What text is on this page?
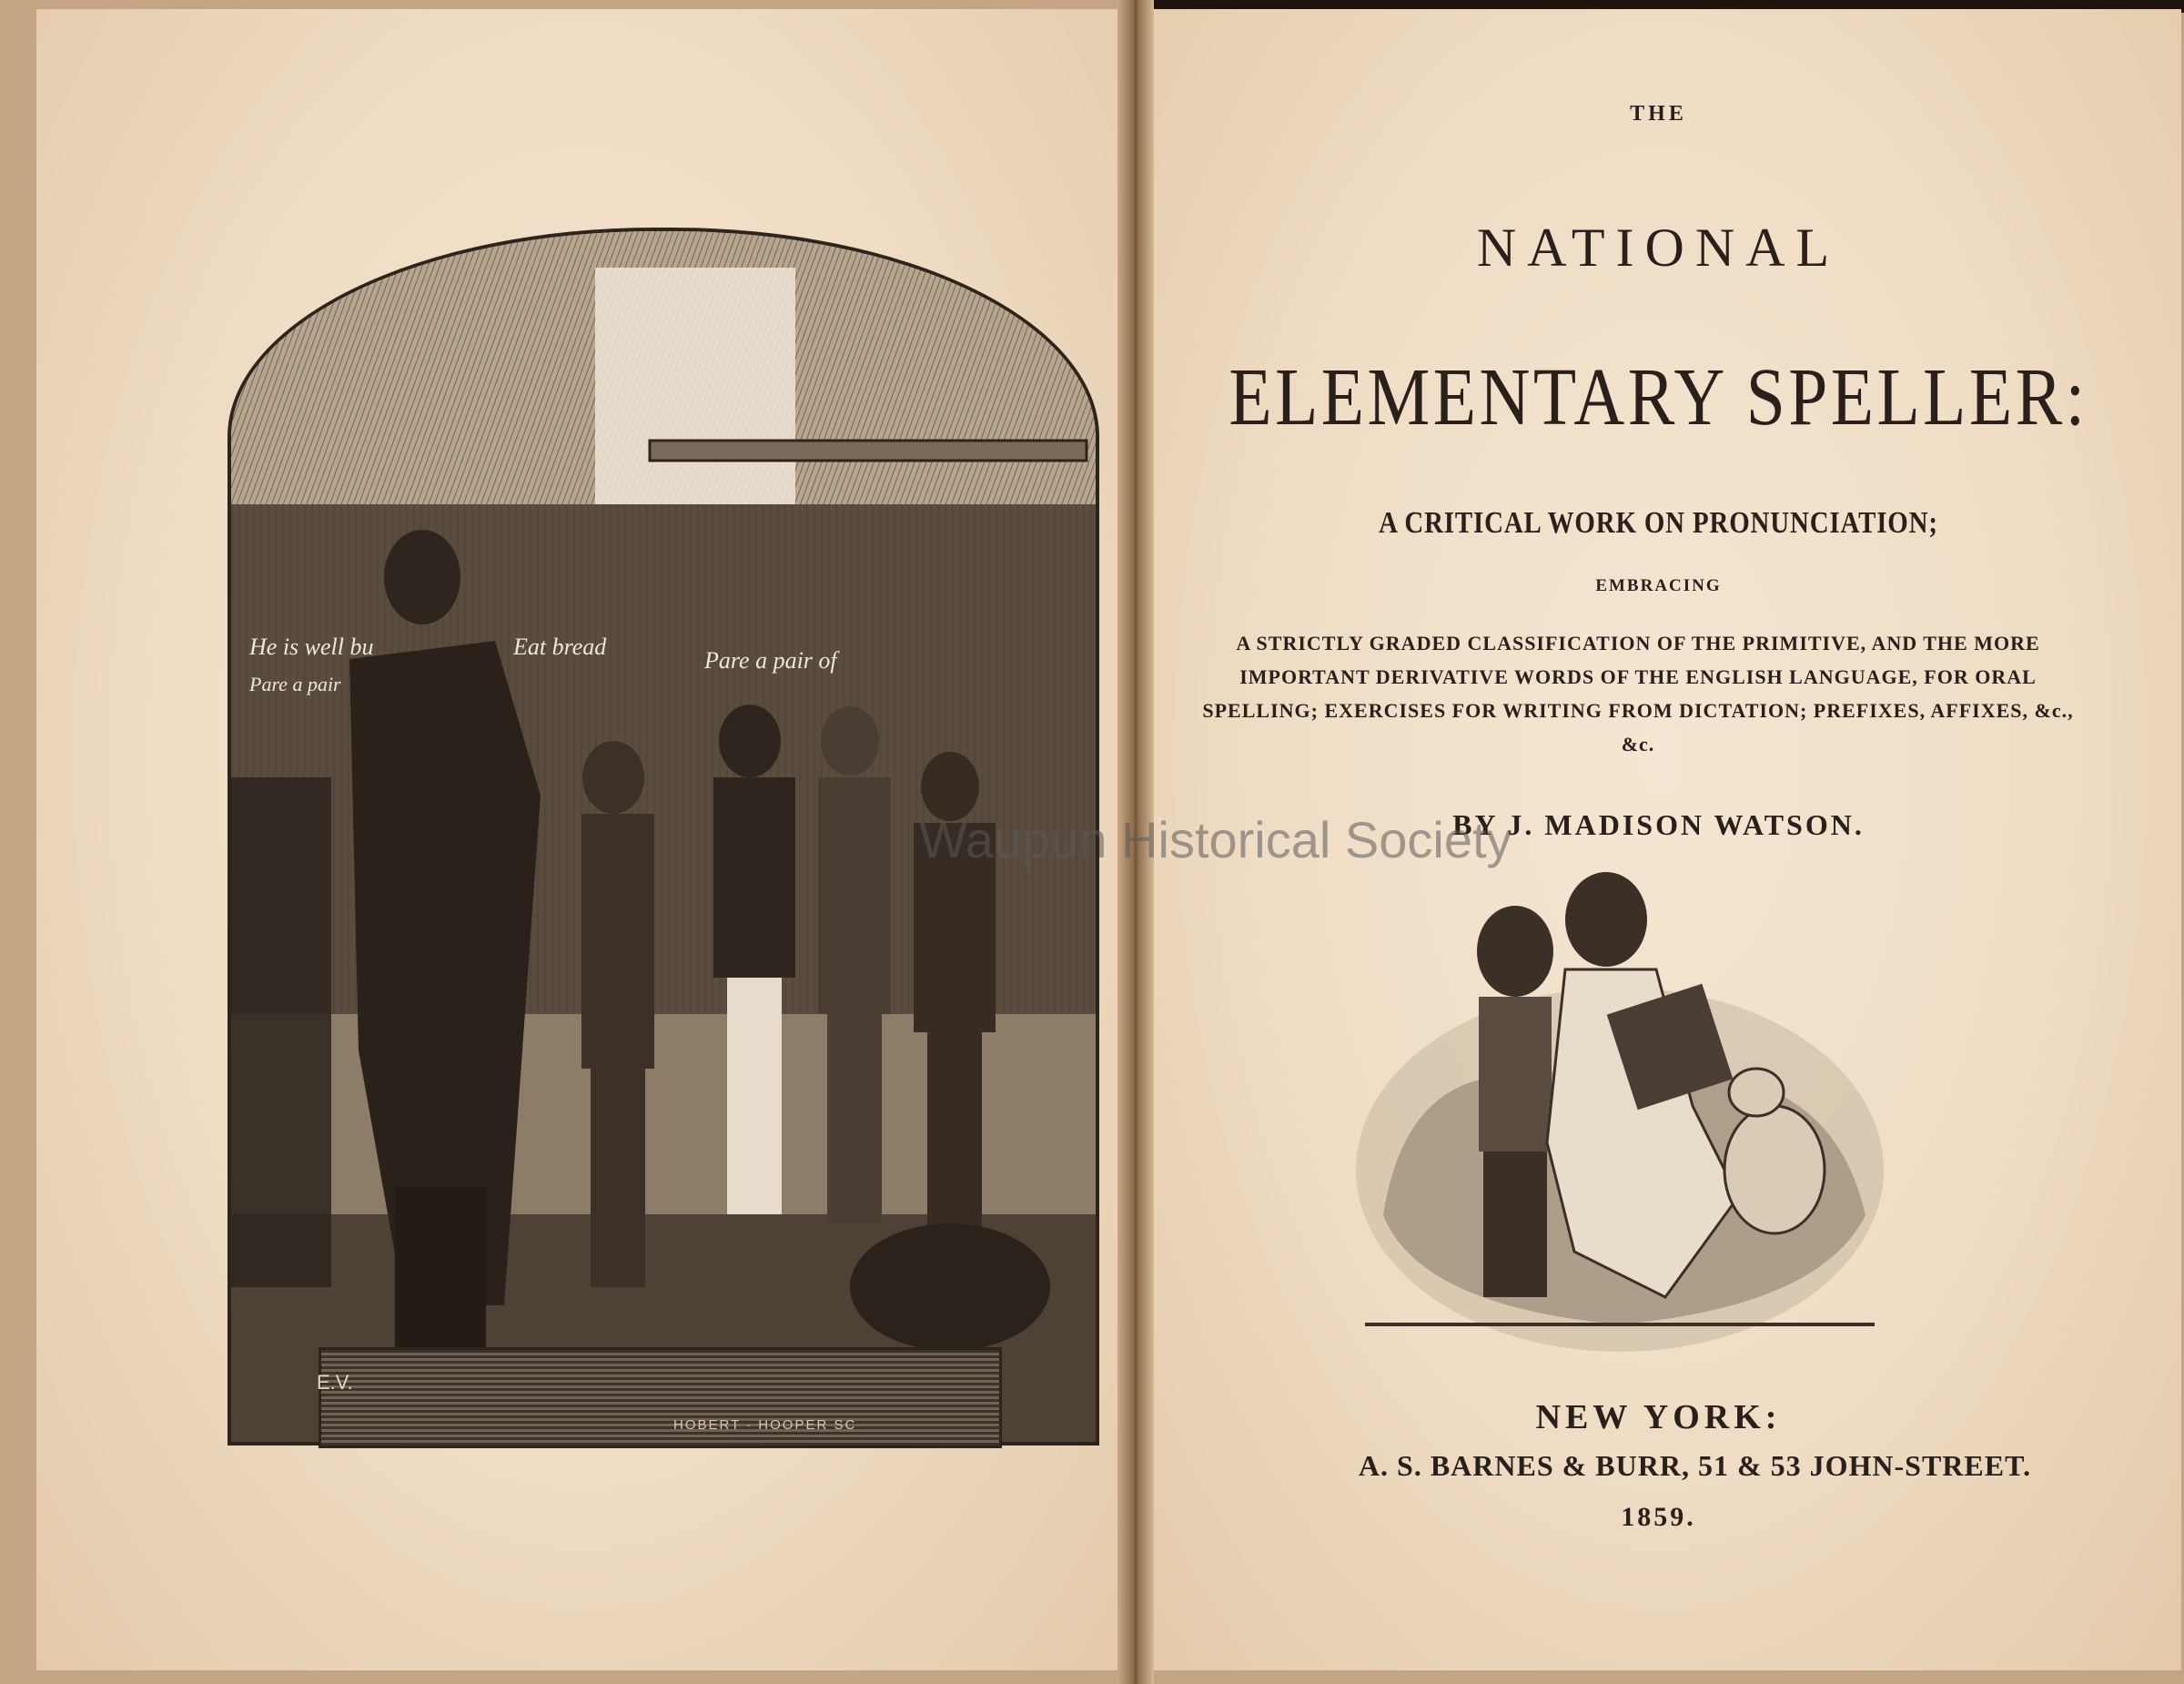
He is well bu
Pare a pair
Eat bread
Pare a pair of
E.V.
HOBERT · HOOPER SC
THE
NATIONAL
ELEMENTARY SPELLER:
A CRITICAL WORK ON PRONUNCIATION;
EMBRACING
A STRICTLY GRADED CLASSIFICATION OF THE PRIMITIVE, AND THE MORE IMPORTANT DERIVATIVE WORDS OF THE ENGLISH LANGUAGE, FOR ORAL SPELLING; EXERCISES FOR WRITING FROM DICTATION; PREFIXES, AFFIXES, &c., &c.
BY J. MADISON WATSON.
NEW YORK:
A. S. BARNES & BURR, 51 & 53 JOHN-STREET.
1859.
Waupun Historical Society
